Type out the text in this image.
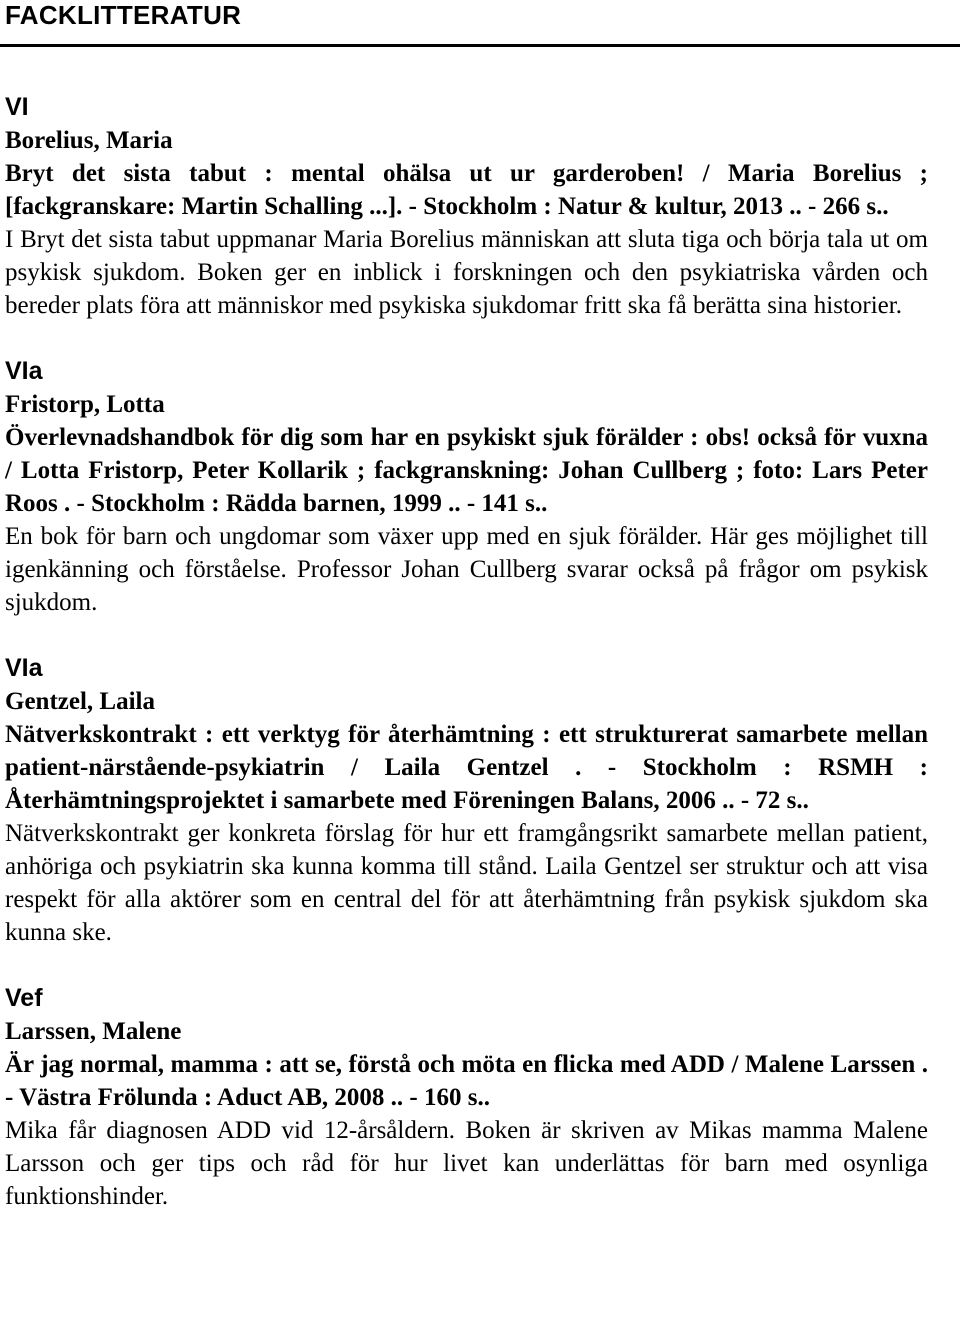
FACKLITTERATUR

VI

Borelius, Maria

Bryt det sista tabut : mental ohälsa ut ur garderoben! / Maria Borelius ; [fackgranskare: Martin Schalling ...]. - Stockholm : Natur & kultur, 2013 .. - 266 s..

I Bryt det sista tabut uppmanar Maria Borelius människan att sluta tiga och börja tala ut om psykisk sjukdom. Boken ger en inblick i forskningen och den psykiatriska vården och bereder plats föra att människor med psykiska sjukdomar fritt ska få berätta sina historier.

VIa

Fristorp, Lotta

Överlevnadshandbok för dig som har en psykiskt sjuk förälder : obs! också för vuxna / Lotta Fristorp, Peter Kollarik ; fackgranskning: Johan Cullberg ; foto: Lars Peter Roos . - Stockholm : Rädda barnen, 1999 .. - 141 s..

En bok för barn och ungdomar som växer upp med en sjuk förälder. Här ges möjlighet till igenkänning och förståelse. Professor Johan Cullberg svarar också på frågor om psykisk sjukdom.

VIa

Gentzel, Laila

Nätverkskontrakt : ett verktyg för återhämtning : ett strukturerat samarbete mellan patient-närstående-psykiatrin / Laila Gentzel . - Stockholm : RSMH : Återhämtningsprojektet i samarbete med Föreningen Balans, 2006 .. - 72 s..

Nätverkskontrakt ger konkreta förslag för hur ett framgångsrikt samarbete mellan patient, anhöriga och psykiatrin ska kunna komma till stånd. Laila Gentzel ser struktur och att visa respekt för alla aktörer som en central del för att återhämtning från psykisk sjukdom ska kunna ske.

Vef

Larssen, Malene

Är jag normal, mamma : att se, förstå och möta en flicka med ADD / Malene Larssen . - Västra Frölunda : Aduct AB, 2008 .. - 160 s..

Mika får diagnosen ADD vid 12-årsåldern. Boken är skriven av Mikas mamma Malene Larsson och ger tips och råd för hur livet kan underlättas för barn med osynliga funktionshinder.
